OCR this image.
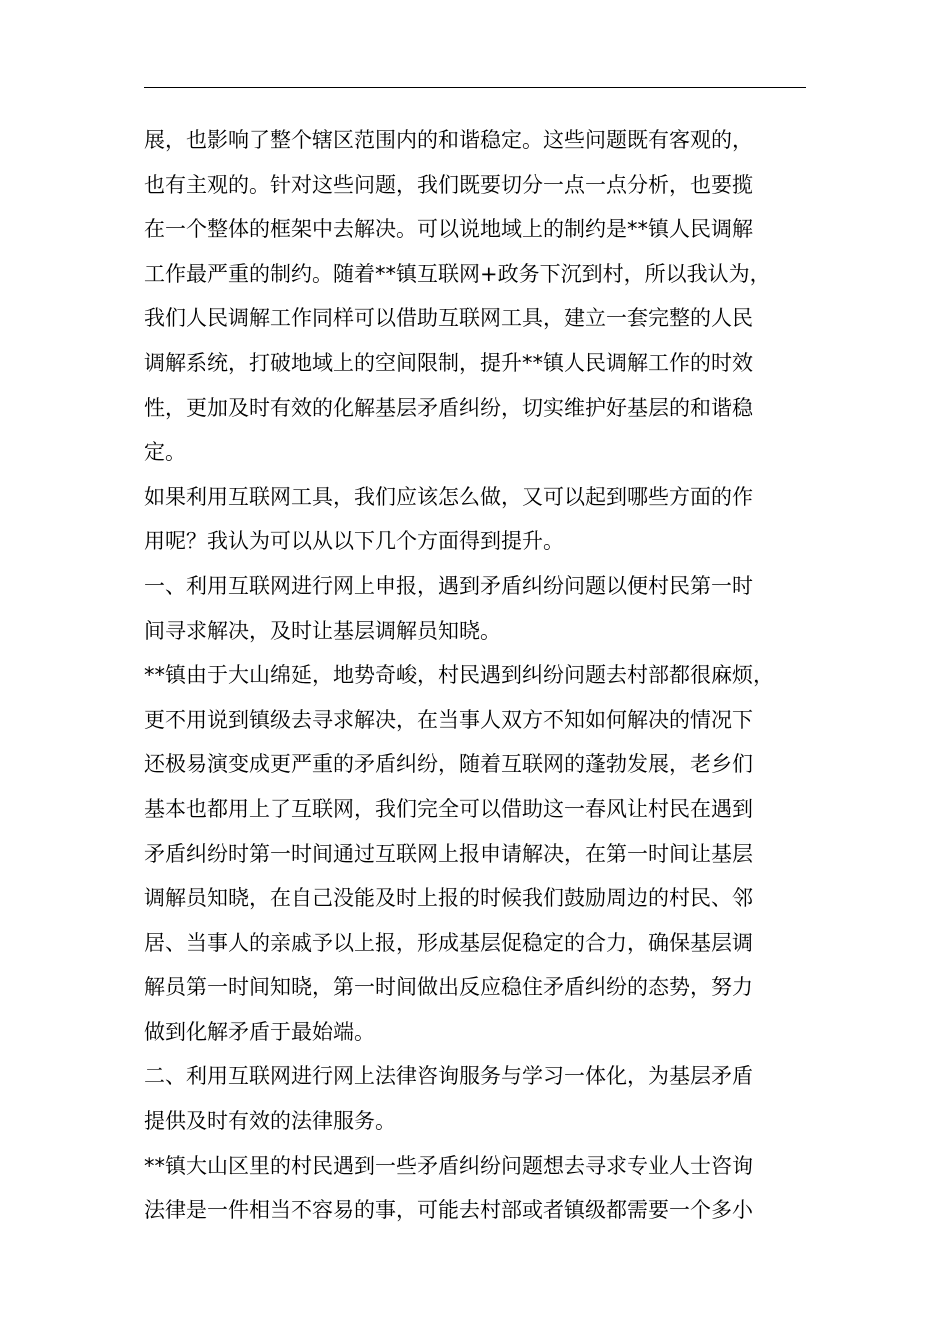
展，也影响了整个辖区范围内的和谐稳定。这些问题既有客观的，
也有主观的。针对这些问题，我们既要切分一点一点分析，也要揽
在一个整体的框架中去解决。可以说地域上的制约是**镇人民调解
工作最严重的制约。随着**镇互联网+政务下沉到村，所以我认为，
我们人民调解工作同样可以借助互联网工具，建立一套完整的人民
调解系统，打破地域上的空间限制，提升**镇人民调解工作的时效
性，更加及时有效的化解基层矛盾纠纷，切实维护好基层的和谐稳
定。
如果利用互联网工具，我们应该怎么做，又可以起到哪些方面的作
用呢？我认为可以从以下几个方面得到提升。
一、利用互联网进行网上申报，遇到矛盾纠纷问题以便村民第一时
间寻求解决，及时让基层调解员知晓。
**镇由于大山绵延，地势奇峻，村民遇到纠纷问题去村部都很麻烦，
更不用说到镇级去寻求解决，在当事人双方不知如何解决的情况下
还极易演变成更严重的矛盾纠纷，随着互联网的蓬勃发展，老乡们
基本也都用上了互联网，我们完全可以借助这一春风让村民在遇到
矛盾纠纷时第一时间通过互联网上报申请解决，在第一时间让基层
调解员知晓，在自己没能及时上报的时候我们鼓励周边的村民、邻
居、当事人的亲戚予以上报，形成基层促稳定的合力，确保基层调
解员第一时间知晓，第一时间做出反应稳住矛盾纠纷的态势，努力
做到化解矛盾于最始端。
二、利用互联网进行网上法律咨询服务与学习一体化，为基层矛盾
提供及时有效的法律服务。
**镇大山区里的村民遇到一些矛盾纠纷问题想去寻求专业人士咨询
法律是一件相当不容易的事，可能去村部或者镇级都需要一个多小
